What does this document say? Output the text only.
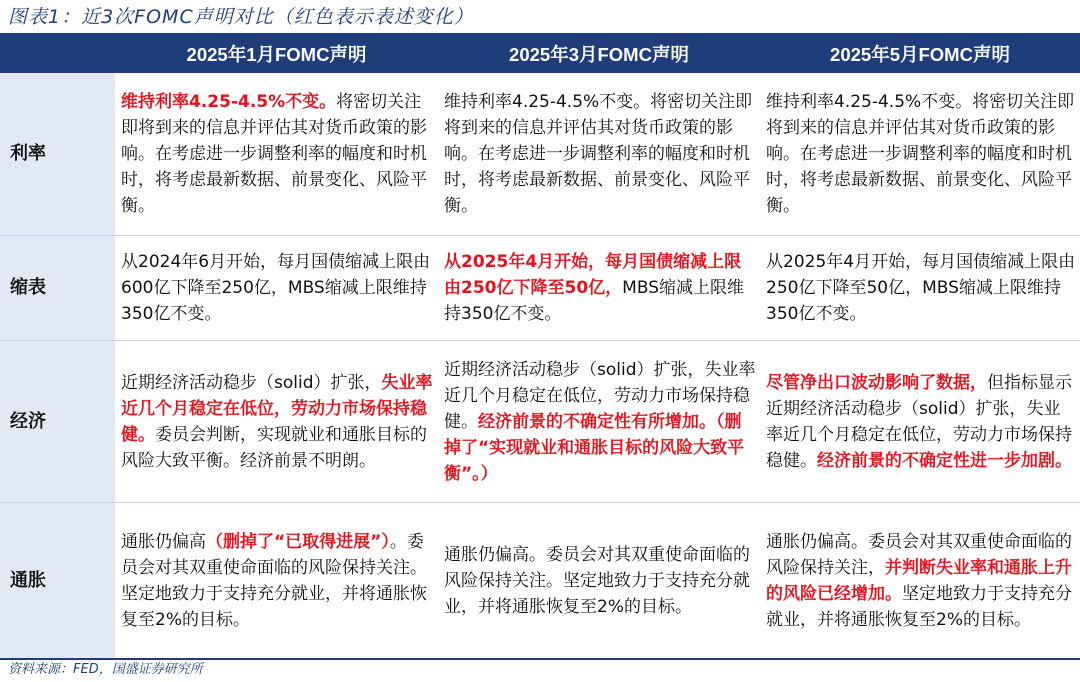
图表1：近3次FOMC声明对比（红色表示表述变化）
	2025年1月FOMC声明	2025年3月FOMC声明	2025年5月FOMC声明
利率	维持利率4.25-4.5%不变。将密切关注即将到来的信息并评估其对货币政策的影响。在考虑进一步调整利率的幅度和时机时，将考虑最新数据、前景变化、风险平衡。	维持利率4.25-4.5%不变。将密切关注即将到来的信息并评估其对货币政策的影响。在考虑进一步调整利率的幅度和时机时，将考虑最新数据、前景变化、风险平衡。	维持利率4.25-4.5%不变。将密切关注即将到来的信息并评估其对货币政策的影响。在考虑进一步调整利率的幅度和时机时，将考虑最新数据、前景变化、风险平衡。

缩表	从2024年6月开始，每月国债缩减上限由600亿下降至250亿，MBS缩减上限维持350亿不变。	从2025年4月开始，每月国债缩减上限由250亿下降至50亿，MBS缩减上限维持350亿不变。	从2025年4月开始，每月国债缩减上限由250亿下降至50亿，MBS缩减上限维持350亿不变。

经济	近期经济活动稳步（solid）扩张，失业率近几个月稳定在低位，劳动力市场保持稳健。委员会判断，实现就业和通胀目标的风险大致平衡。经济前景不明朗。	近期经济活动稳步（solid）扩张，失业率近几个月稳定在低位，劳动力市场保持稳健。经济前景的不确定性有所增加。（删掉了“实现就业和通胀目标的风险大致平衡”。）	尽管净出口波动影响了数据，但指标显示近期经济活动稳步（solid）扩张，失业率近几个月稳定在低位，劳动力市场保持稳健。经济前景的不确定性进一步加剧。

通胀	通胀仍偏高（删掉了“已取得进展”）。委员会对其双重使命面临的风险保持关注。坚定地致力于支持充分就业，并将通胀恢复至2%的目标。	通胀仍偏高。委员会对其双重使命面临的风险保持关注。坚定地致力于支持充分就业，并将通胀恢复至2%的目标。	通胀仍偏高。委员会对其双重使命面临的风险保持关注，并判断失业率和通胀上升的风险已经增加。坚定地致力于支持充分就业，并将通胀恢复至2%的目标。

资料来源：FED，国盛证券研究所
